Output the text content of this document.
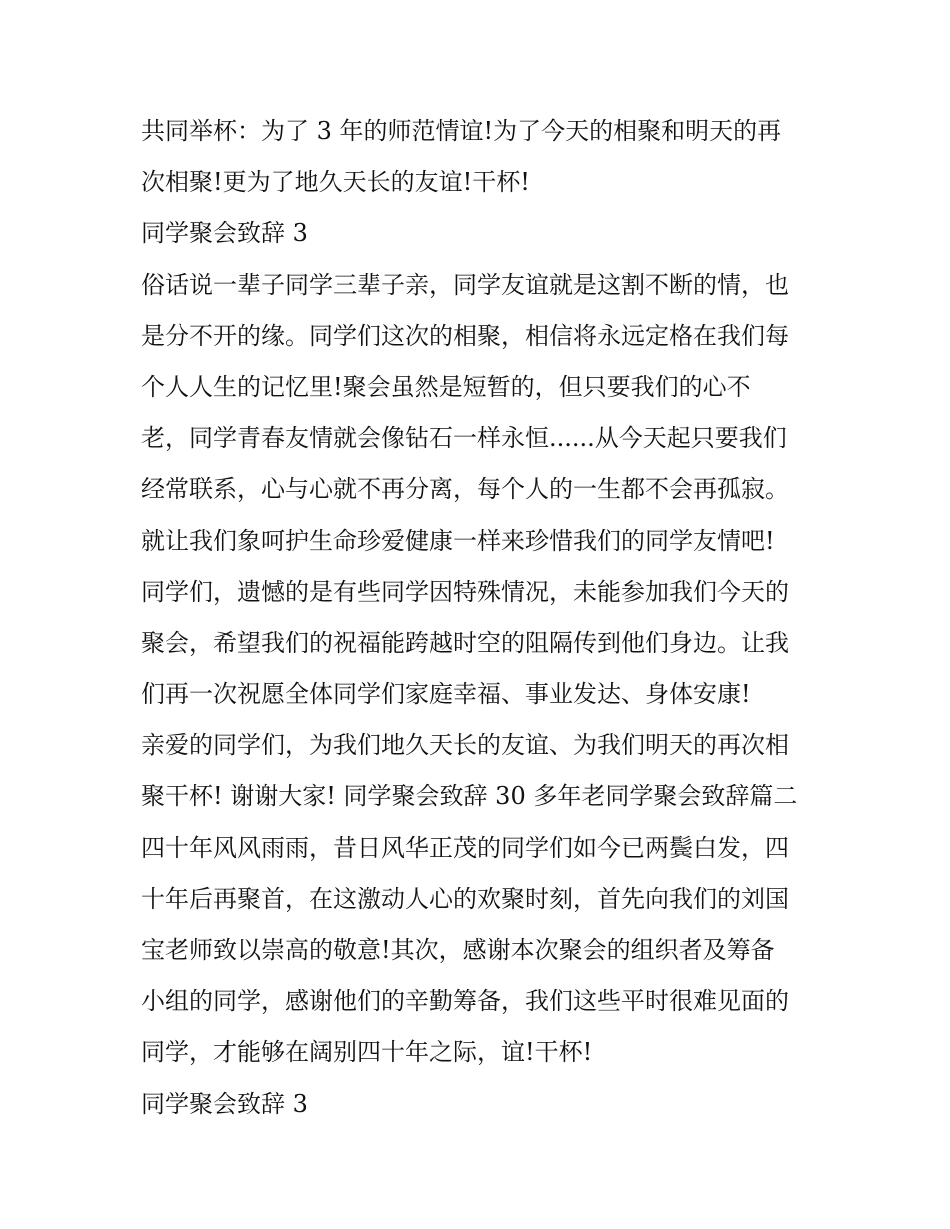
共同举杯：为了 3 年的师范情谊!为了今天的相聚和明天的再
次相聚!更为了地久天长的友谊!干杯!
同学聚会致辞 3
俗话说一辈子同学三辈子亲，同学友谊就是这割不断的情，也
是分不开的缘。同学们这次的相聚，相信将永远定格在我们每
个人人生的记忆里!聚会虽然是短暂的，但只要我们的心不
老，同学青春友情就会像钻石一样永恒......从今天起只要我们
经常联系，心与心就不再分离，每个人的一生都不会再孤寂。
就让我们象呵护生命珍爱健康一样来珍惜我们的同学友情吧!
同学们，遗憾的是有些同学因特殊情况，未能参加我们今天的
聚会，希望我们的祝福能跨越时空的阻隔传到他们身边。让我
们再一次祝愿全体同学们家庭幸福、事业发达、身体安康!
亲爱的同学们，为我们地久天长的友谊、为我们明天的再次相
聚干杯! 谢谢大家! 同学聚会致辞 30 多年老同学聚会致辞篇二
四十年风风雨雨，昔日风华正茂的同学们如今已两鬓白发，四
十年后再聚首，在这激动人心的欢聚时刻，首先向我们的刘国
宝老师致以崇高的敬意!其次，感谢本次聚会的组织者及筹备
小组的同学，感谢他们的辛勤筹备，我们这些平时很难见面的
同学，才能够在阔别四十年之际，谊!干杯!
同学聚会致辞 3
